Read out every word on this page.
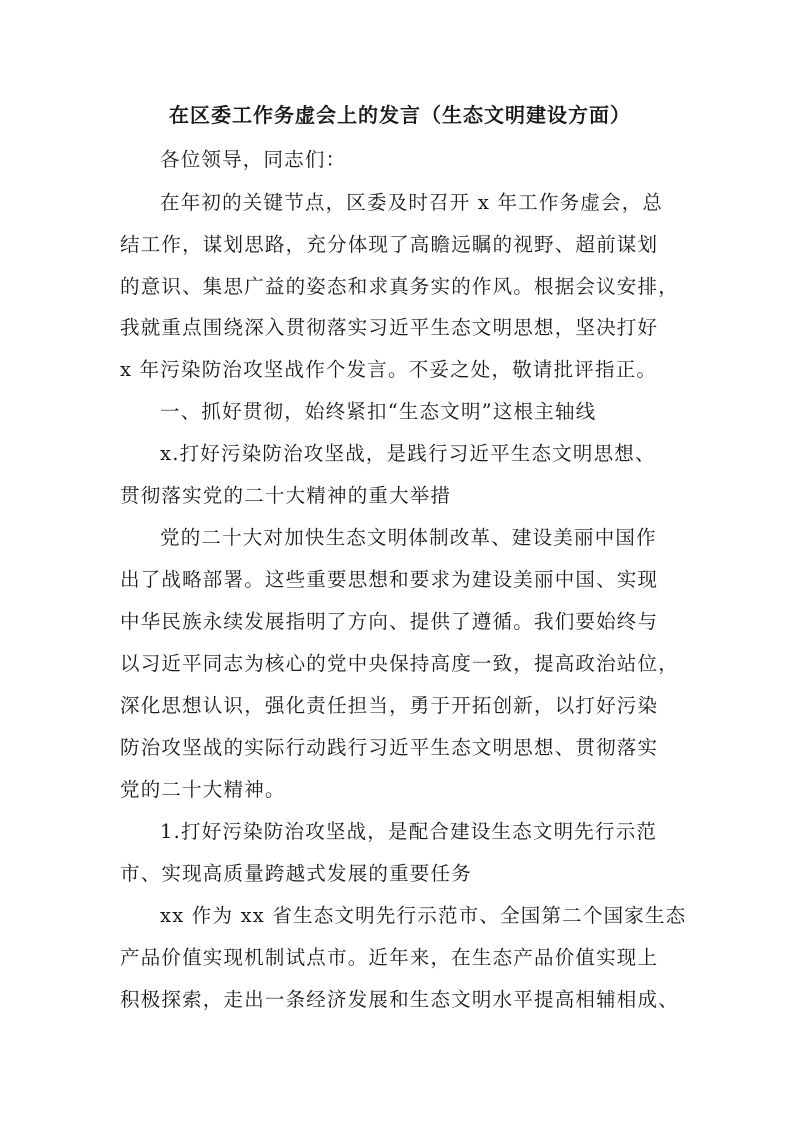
在区委工作务虚会上的发言（生态文明建设方面）
各位领导，同志们：
在年初的关键节点，区委及时召开 x 年工作务虚会，总
结工作，谋划思路，充分体现了高瞻远瞩的视野、超前谋划
的意识、集思广益的姿态和求真务实的作风。根据会议安排，
我就重点围绕深入贯彻落实习近平生态文明思想，坚决打好
x 年污染防治攻坚战作个发言。不妥之处，敬请批评指正。
一、抓好贯彻，始终紧扣“生态文明”这根主轴线
x.打好污染防治攻坚战，是践行习近平生态文明思想、
贯彻落实党的二十大精神的重大举措
党的二十大对加快生态文明体制改革、建设美丽中国作
出了战略部署。这些重要思想和要求为建设美丽中国、实现
中华民族永续发展指明了方向、提供了遵循。我们要始终与
以习近平同志为核心的党中央保持高度一致，提高政治站位，
深化思想认识，强化责任担当，勇于开拓创新，以打好污染
防治攻坚战的实际行动践行习近平生态文明思想、贯彻落实
党的二十大精神。
1.打好污染防治攻坚战，是配合建设生态文明先行示范
市、实现高质量跨越式发展的重要任务
xx 作为 xx 省生态文明先行示范市、全国第二个国家生态
产品价值实现机制试点市。近年来，在生态产品价值实现上
积极探索，走出一条经济发展和生态文明水平提高相辅相成、
